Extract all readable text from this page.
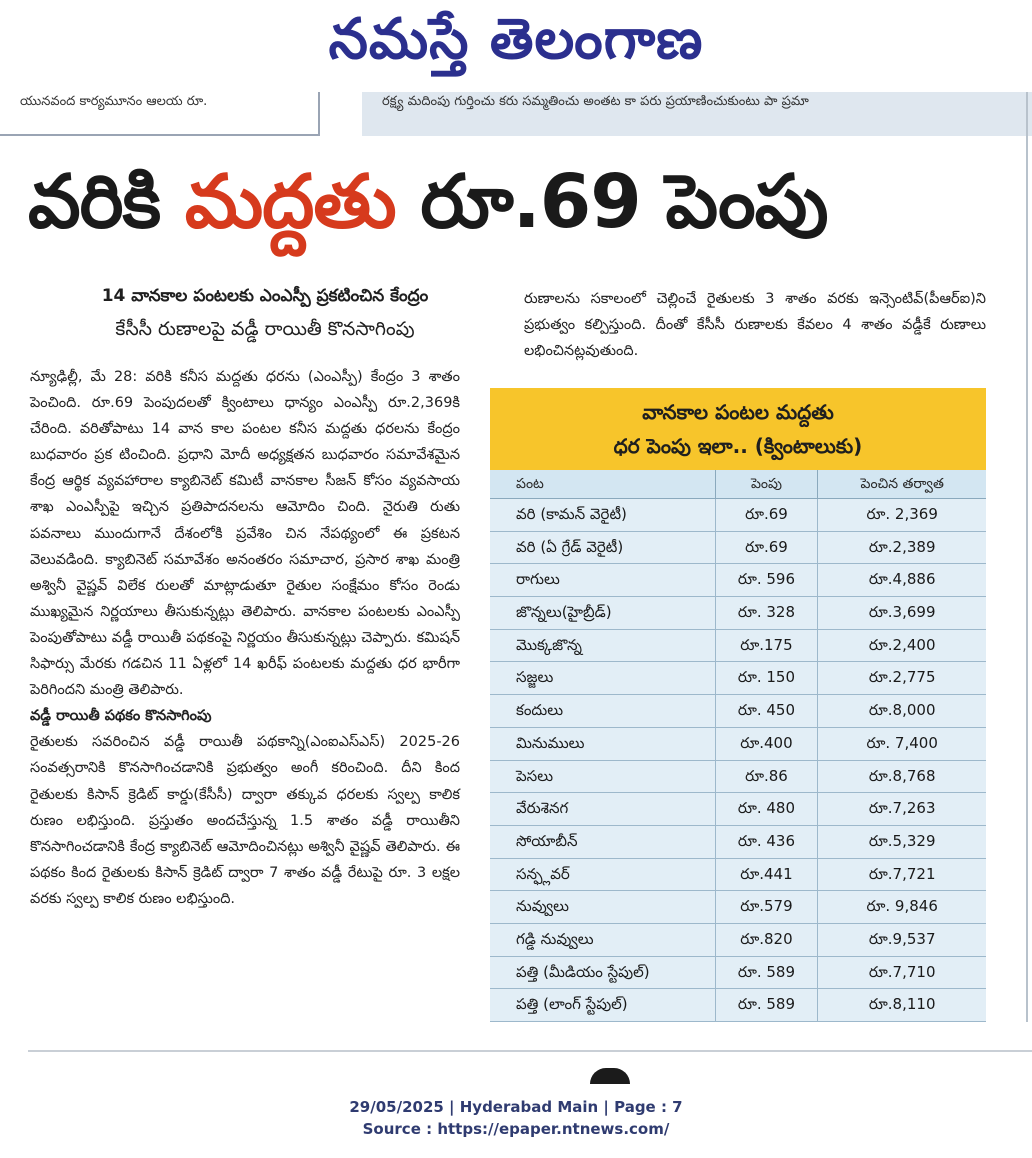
నమస్తే తెలంగాణ
యునవంద కార్యమూనం ఆలయ రూ.	రక్ష్య మదింపు గుర్తించు కరు సమ్మతించు అంతట కా పరు ప్రయాణించుకుంటు పా ప్రమా
వరికి మద్దతు రూ.69 పెంపు
14 వానకాల పంటలకు ఎంఎస్పీ ప్రకటించిన కేంద్రం
కేసీసీ రుణాలపై వడ్డీ రాయితీ కొనసాగింపు

న్యూఢిల్లీ, మే 28: వరికి కనీస మద్దతు ధరను (ఎంఎస్పీ) కేంద్రం 3 శాతం పెంచింది. రూ.69 పెంపుదలతో క్వింటాలు ధాన్యం ఎంఎస్పీ రూ.2,369కి చేరింది. వరితోపాటు 14 వాన కాల పంటల కనీస మద్దతు ధరలను కేంద్రం బుధవారం ప్రక టించింది. ప్రధాని మోదీ అధ్యక్షతన బుధవారం సమావేశమైన కేంద్ర ఆర్థిక వ్యవహారాల క్యాబినెట్ కమిటీ వానకాల సీజన్ కోసం వ్యవసాయ శాఖ ఎంఎస్పీపై ఇచ్చిన ప్రతిపాదనలను ఆమోదిం చింది. నైరుతి రుతు పవనాలు ముందుగానే దేశంలోకి ప్రవేశిం చిన నేపథ్యంలో ఈ ప్రకటన వెలువడింది. క్యాబినెట్ సమావేశం అనంతరం సమాచార, ప్రసార శాఖ మంత్రి అశ్వినీ వైష్ణవ్ విలేక రులతో మాట్లాడుతూ రైతుల సంక్షేమం కోసం రెండు ముఖ్యమైన నిర్ణయాలు తీసుకున్నట్లు తెలిపారు. వానకాల పంటలకు ఎంఎస్పీ పెంపుతోపాటు వడ్డీ రాయితీ పథకంపై నిర్ణయం తీసుకున్నట్లు చెప్పారు. కమిషన్ సిఫార్సు మేరకు గడచిన 11 ఏళ్లలో 14 ఖరీఫ్ పంటలకు మద్దతు ధర భారీగా పెరిగిందని మంత్రి తెలిపారు.

వడ్డీ రాయితీ పథకం కొనసాగింపు

రైతులకు సవరించిన వడ్డీ రాయితీ పథకాన్ని(ఎంఐఎస్ఎస్) 2025-26 సంవత్సరానికి కొనసాగించడానికి ప్రభుత్వం అంగీ కరించింది. దీని కింద రైతులకు కిసాన్ క్రెడిట్ కార్డు(కేసీసీ) ద్వారా తక్కువ ధరలకు స్వల్ప కాలిక రుణం లభిస్తుంది. ప్రస్తుతం అందచేస్తున్న 1.5 శాతం వడ్డీ రాయితీని కొనసాగించడానికి కేంద్ర క్యాబినెట్ ఆమోదించినట్లు అశ్వినీ వైష్ణవ్ తెలిపారు. ఈ పథకం కింద రైతులకు కిసాన్ క్రెడిట్ ద్వారా 7 శాతం వడ్డీ రేటుపై రూ. 3 లక్షల వరకు స్వల్ప కాలిక రుణం లభిస్తుంది.

రుణాలను సకాలంలో చెల్లించే రైతులకు 3 శాతం వరకు ఇన్సెంటివ్(పీఆర్ఐ)ని ప్రభుత్వం కల్పిస్తుంది. దీంతో కేసీసీ రుణాలకు కేవలం 4 శాతం వడ్డీకే రుణాలు లభించినట్లవుతుంది.
వానకాల పంటల మద్దతు
ధర పెంపు ఇలా.. (క్వింటాలుకు)
పంట	పెంపు	పెంచిన తర్వాత
వరి (కామన్ వెరైటీ)	రూ.69	రూ. 2,369
వరి (ఏ గ్రేడ్ వెరైటీ)	రూ.69	రూ.2,389
రాగులు	రూ. 596	రూ.4,886
జొన్నలు(హైబ్రీడ్)	రూ. 328	రూ.3,699
మొక్కజొన్న	రూ.175	రూ.2,400
సజ్జలు	రూ. 150	రూ.2,775
కందులు	రూ. 450	రూ.8,000
మినుములు	రూ.400	రూ. 7,400
పెసలు	రూ.86	రూ.8,768
వేరుశెనగ	రూ. 480	రూ.7,263
సోయాబీన్	రూ. 436	రూ.5,329
సన్ఫ్లవర్	రూ.441	రూ.7,721
నువ్వులు	రూ.579	రూ. 9,846
గడ్డి నువ్వులు	రూ.820	రూ.9,537
పత్తి (మీడియం స్టేపుల్)	రూ. 589	రూ.7,710
పత్తి (లాంగ్ స్టేపుల్)	రూ. 589	రూ.8,110
29/05/2025 | Hyderabad Main | Page : 7
Source : https://epaper.ntnews.com/
